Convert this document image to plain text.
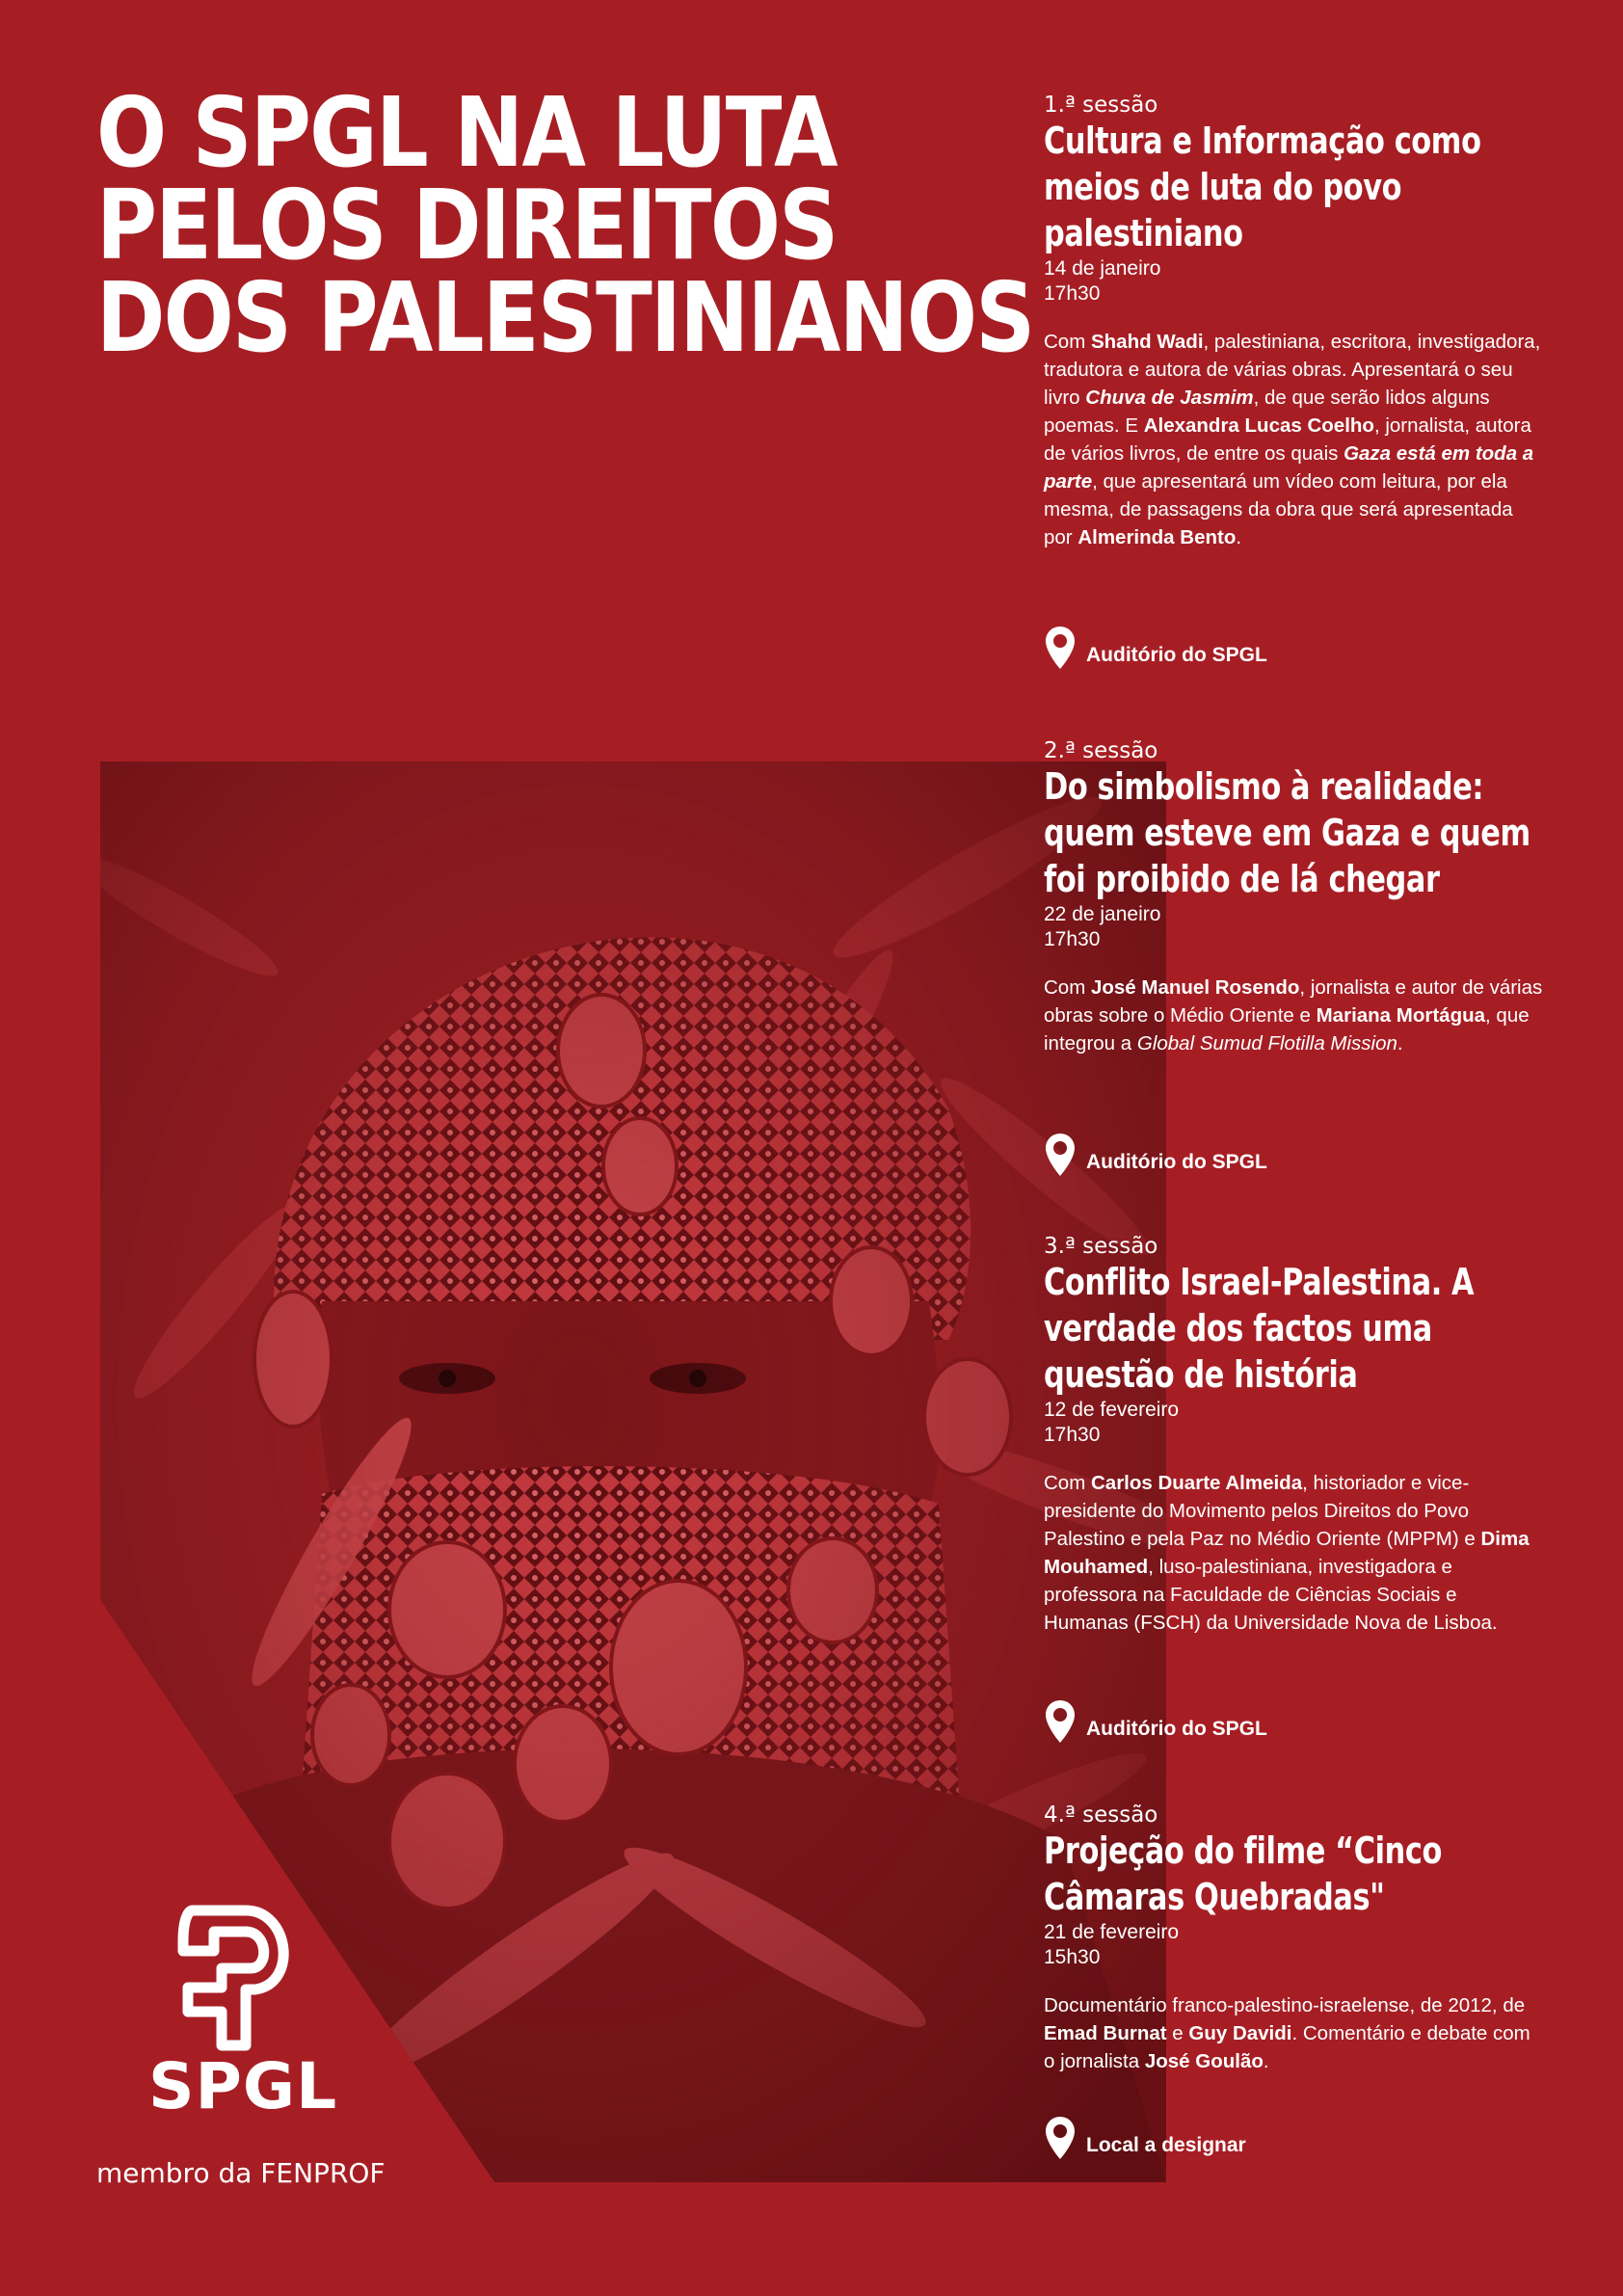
O SPGL NA LUTA
PELOS DIREITOS
DOS PALESTINIANOS

SPGL

membro da FENPROF

1.ª sessão

Cultura e Informação como meios de luta do povo palestiniano

14 de janeiro

17h30

Com Shahd Wadi, palestiniana, escritora, investigadora, tradutora e autora de várias obras. Apresentará o seu livro Chuva de Jasmim, de que serão lidos alguns poemas. E Alexandra Lucas Coelho, jornalista, autora de vários livros, de entre os quais Gaza está em toda a parte, que apresentará um vídeo com leitura, por ela mesma, de passagens da obra que será apresentada por Almerinda Bento.

Auditório do SPGL

2.ª sessão

Do simbolismo à realidade: quem esteve em Gaza e quem foi proibido de lá chegar

22 de janeiro

17h30

Com José Manuel Rosendo, jornalista e autor de várias obras sobre o Médio Oriente e Mariana Mortágua, que integrou a Global Sumud Flotilla Mission.

Auditório do SPGL

3.ª sessão

Conflito Israel-Palestina. A verdade dos factos uma questão de história

12 de fevereiro

17h30

Com Carlos Duarte Almeida, historiador e vice-presidente do Movimento pelos Direitos do Povo Palestino e pela Paz no Médio Oriente (MPPM) e Dima Mouhamed, luso-palestiniana, investigadora e professora na Faculdade de Ciências Sociais e Humanas (FSCH) da Universidade Nova de Lisboa.

Auditório do SPGL

4.ª sessão

Projeção do filme “Cinco Câmaras Quebradas"

21 de fevereiro

15h30

Documentário franco-palestino-israelense, de 2012, de Emad Burnat e Guy Davidi. Comentário e debate com o jornalista José Goulão.

Local a designar
